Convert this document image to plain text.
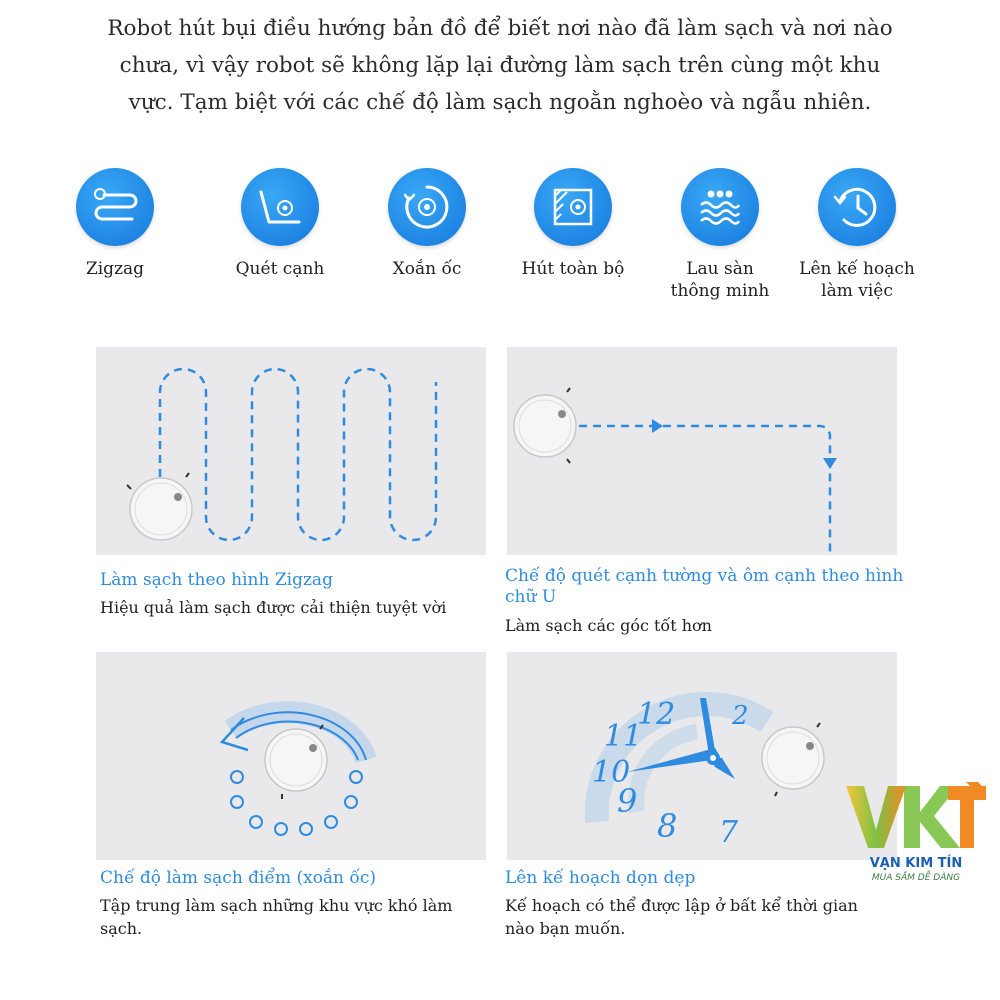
Robot hút bụi điều hướng bản đồ để biết nơi nào đã làm sạch và nơi nào
chưa, vì vậy robot sẽ không lặp lại đường làm sạch trên cùng một khu
vực. Tạm biệt với các chế độ làm sạch ngoằn nghoèo và ngẫu nhiên.
Zigzag	Quét cạnh	Xoắn ốc	Hút toàn bộ	Lau sàn
thông minh
Lên kế hoạch
làm việc
Làm sạch theo hình Zigzag
Hiệu quả làm sạch được cải thiện tuyệt vời
Chế độ quét cạnh tường và ôm cạnh theo hình
chữ U
Làm sạch các góc tốt hơn
Chế độ làm sạch điểm (xoắn ốc)
Tập trung làm sạch những khu vực khó làm
sạch.
12 2
11
10
9
8 7
Lên kế hoạch dọn dẹp
Kế hoạch có thể được lập ở bất kể thời gian
nào bạn muốn.
VẠN KIM TÍN
MUA SẮM DỄ DÀNG
